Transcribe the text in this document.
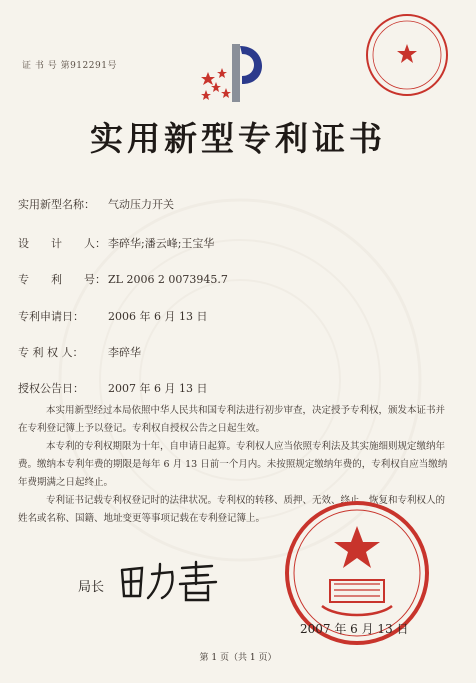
证 书 号 第912291号
实用新型专利证书
实用新型名称： 气动压力开关
设　　计　　人： 李碎华;潘云峰;王宝华
专　　利　　号： ZL 2006 2 0073945.7
专利申请日： 2006 年 6 月 13 日
专 利 权 人： 李碎华
授权公告日： 2007 年 6 月 13 日

本实用新型经过本局依照中华人民共和国专利法进行初步审查，决定授予专利权，颁发本证书并在专利登记簿上予以登记。专利权自授权公告之日起生效。

本专利的专利权期限为十年，自申请日起算。专利权人应当依照专利法及其实施细则规定缴纳年费。缴纳本专利年费的期限是每年 6 月 13 日前一个月内。未按照规定缴纳年费的，专利权自应当缴纳年费期满之日起终止。

专利证书记载专利权登记时的法律状况。专利权的转移、质押、无效、终止、恢复和专利权人的姓名或名称、国籍、地址变更等事项记载在专利登记簿上。

局长
2007 年 6 月 13 日
第 1 页（共 1 页）
